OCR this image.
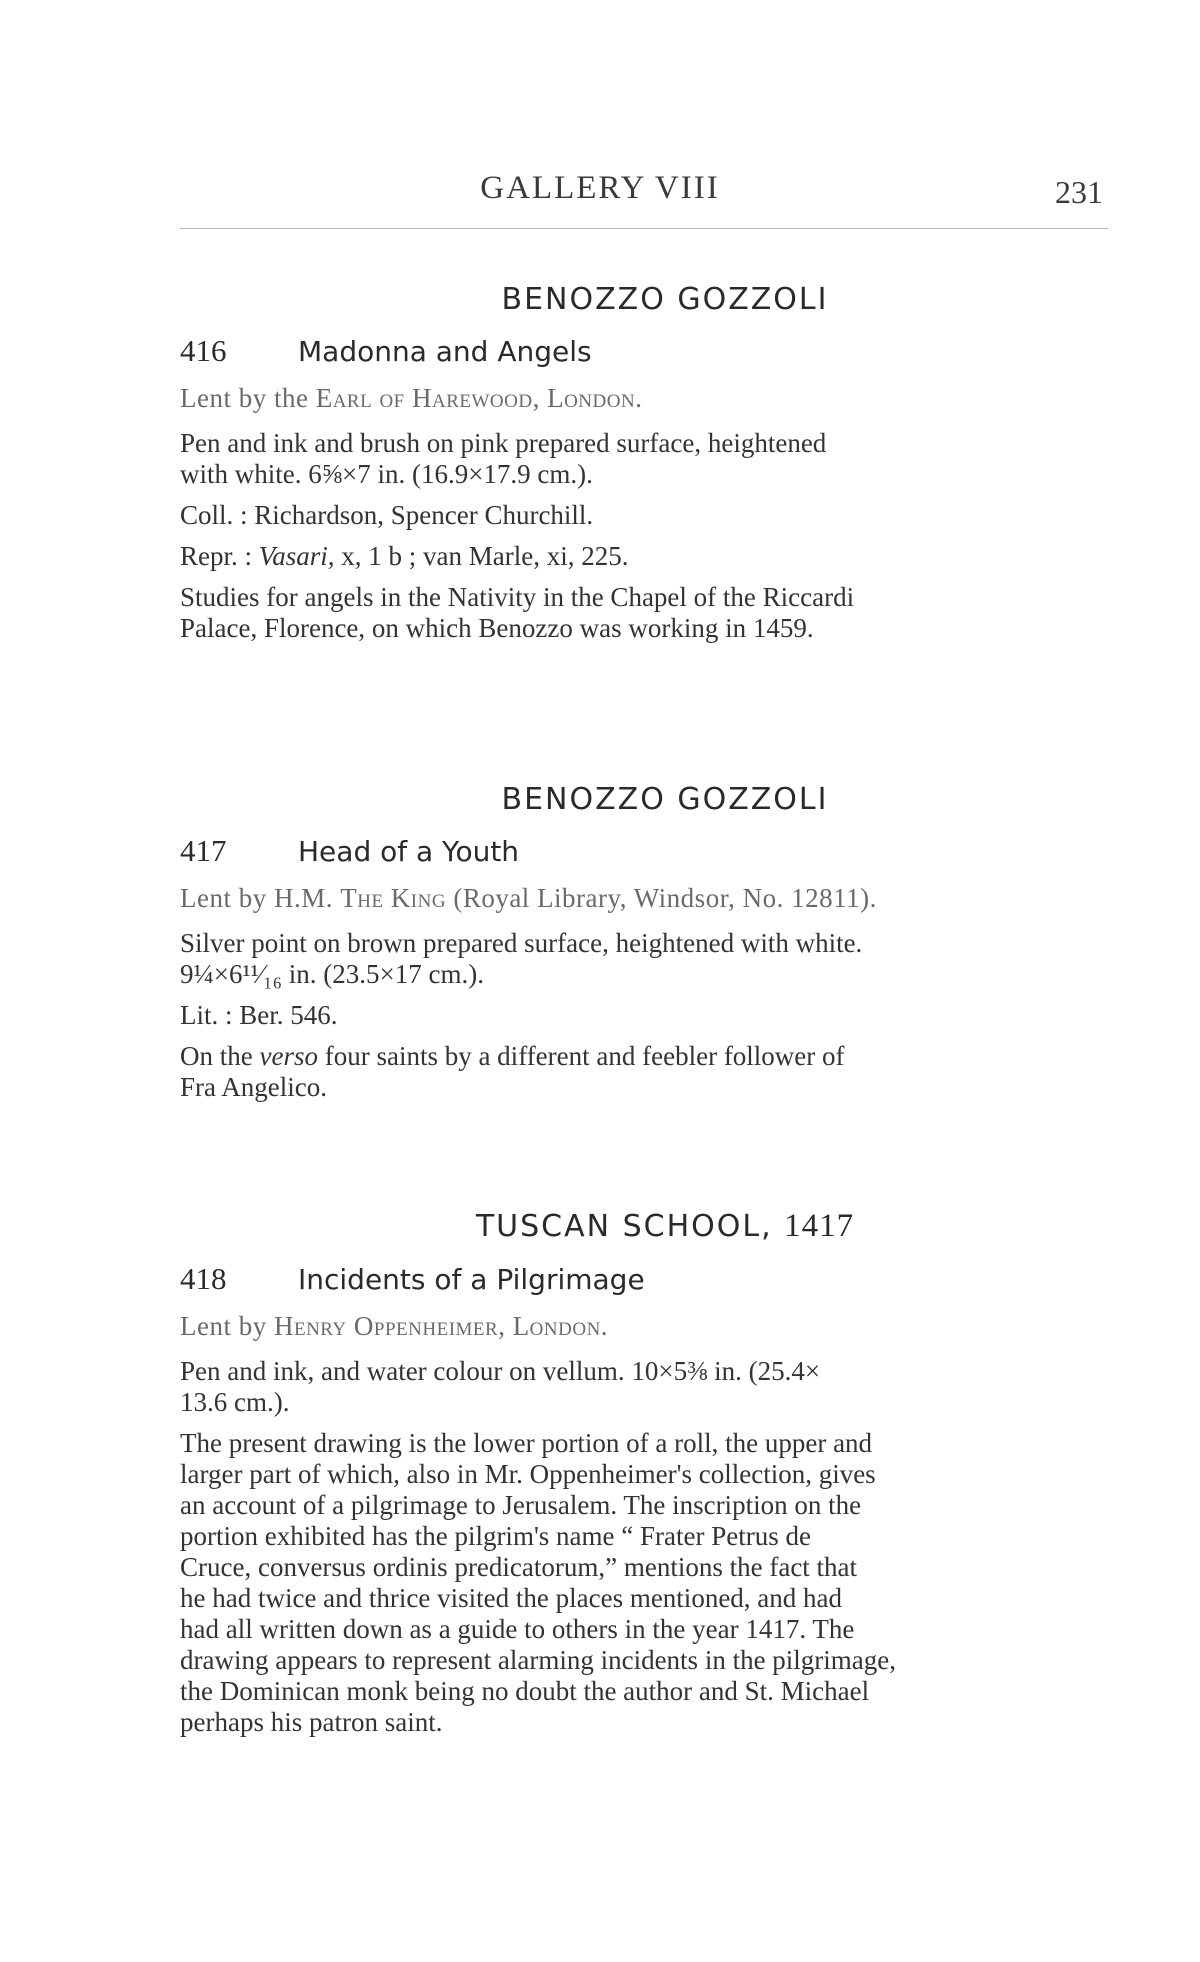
GALLERY VIII	231
BENOZZO GOZZOLI
416	Madonna and Angels
Lent by the Earl of Harewood, London.
Pen and ink and brush on pink prepared surface, heightened
with white. 6⅝×7 in. (16.9×17.9 cm.).
Coll. : Richardson, Spencer Churchill.
Repr. : Vasari, x, 1 b ; van Marle, xi, 225.
Studies for angels in the Nativity in the Chapel of the Riccardi
Palace, Florence, on which Benozzo was working in 1459.
BENOZZO GOZZOLI
417	Head of a Youth
Lent by H.M. The King (Royal Library, Windsor, No. 12811).
Silver point on brown prepared surface, heightened with white.
9¼×6¹¹⁄₁₆ in. (23.5×17 cm.).
Lit. : Ber. 546.
On the verso four saints by a different and feebler follower of
Fra Angelico.
TUSCAN SCHOOL, 1417
418	Incidents of a Pilgrimage
Lent by Henry Oppenheimer, London.
Pen and ink, and water colour on vellum. 10×5⅜ in. (25.4×
13.6 cm.).
The present drawing is the lower portion of a roll, the upper and
larger part of which, also in Mr. Oppenheimer's collection, gives
an account of a pilgrimage to Jerusalem. The inscription on the
portion exhibited has the pilgrim's name “ Frater Petrus de
Cruce, conversus ordinis predicatorum,” mentions the fact that
he had twice and thrice visited the places mentioned, and had
had all written down as a guide to others in the year 1417. The
drawing appears to represent alarming incidents in the pilgrimage,
the Dominican monk being no doubt the author and St. Michael
perhaps his patron saint.
